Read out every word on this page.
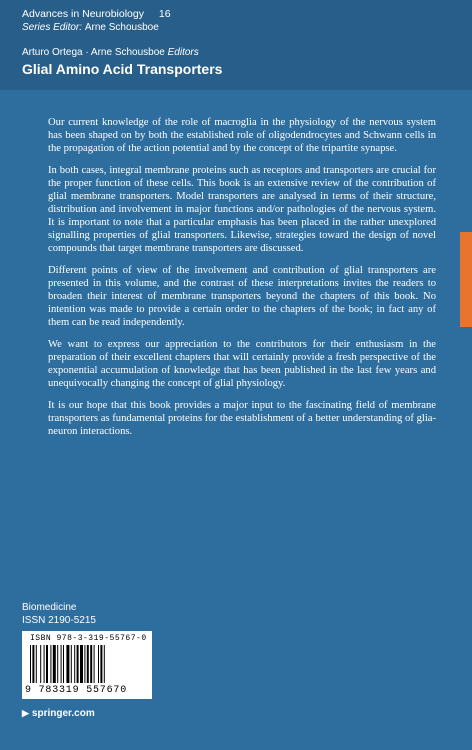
Advances in Neurobiology 16
Series Editor: Arne Schousboe
Arturo Ortega · Arne Schousboe Editors
Glial Amino Acid Transporters

Our current knowledge of the role of macroglia in the physiology of the nervous system has been shaped on by both the established role of oligodendrocytes and Schwann cells in the propagation of the action potential and by the concept of the tripartite synapse.

In both cases, integral membrane proteins such as receptors and transporters are crucial for the proper function of these cells. This book is an extensive review of the contribution of glial membrane transporters. Model transporters are analysed in terms of their structure, distribution and involvement in major functions and/or pathologies of the nervous system. It is important to note that a particular emphasis has been placed in the rather unexplored signalling properties of glial transporters. Likewise, strategies toward the design of novel compounds that target membrane transporters are discussed.

Different points of view of the involvement and contribution of glial transporters are presented in this volume, and the contrast of these interpretations invites the readers to broaden their interest of membrane transporters beyond the chapters of this book. No intention was made to provide a certain order to the chapters of the book; in fact any of them can be read independently.

We want to express our appreciation to the contributors for their enthusiasm in the preparation of their excellent chapters that will certainly provide a fresh perspective of the exponential accumulation of knowledge that has been published in the last few years and unequivocally changing the concept of glial physiology.

It is our hope that this book provides a major input to the fascinating field of membrane transporters as fundamental proteins for the establishment of a better understanding of glia-neuron interactions.

Biomedicine
ISSN 2190-5215
ISBN 978-3-319-55767-0
9 783319 557670
▶ springer.com
